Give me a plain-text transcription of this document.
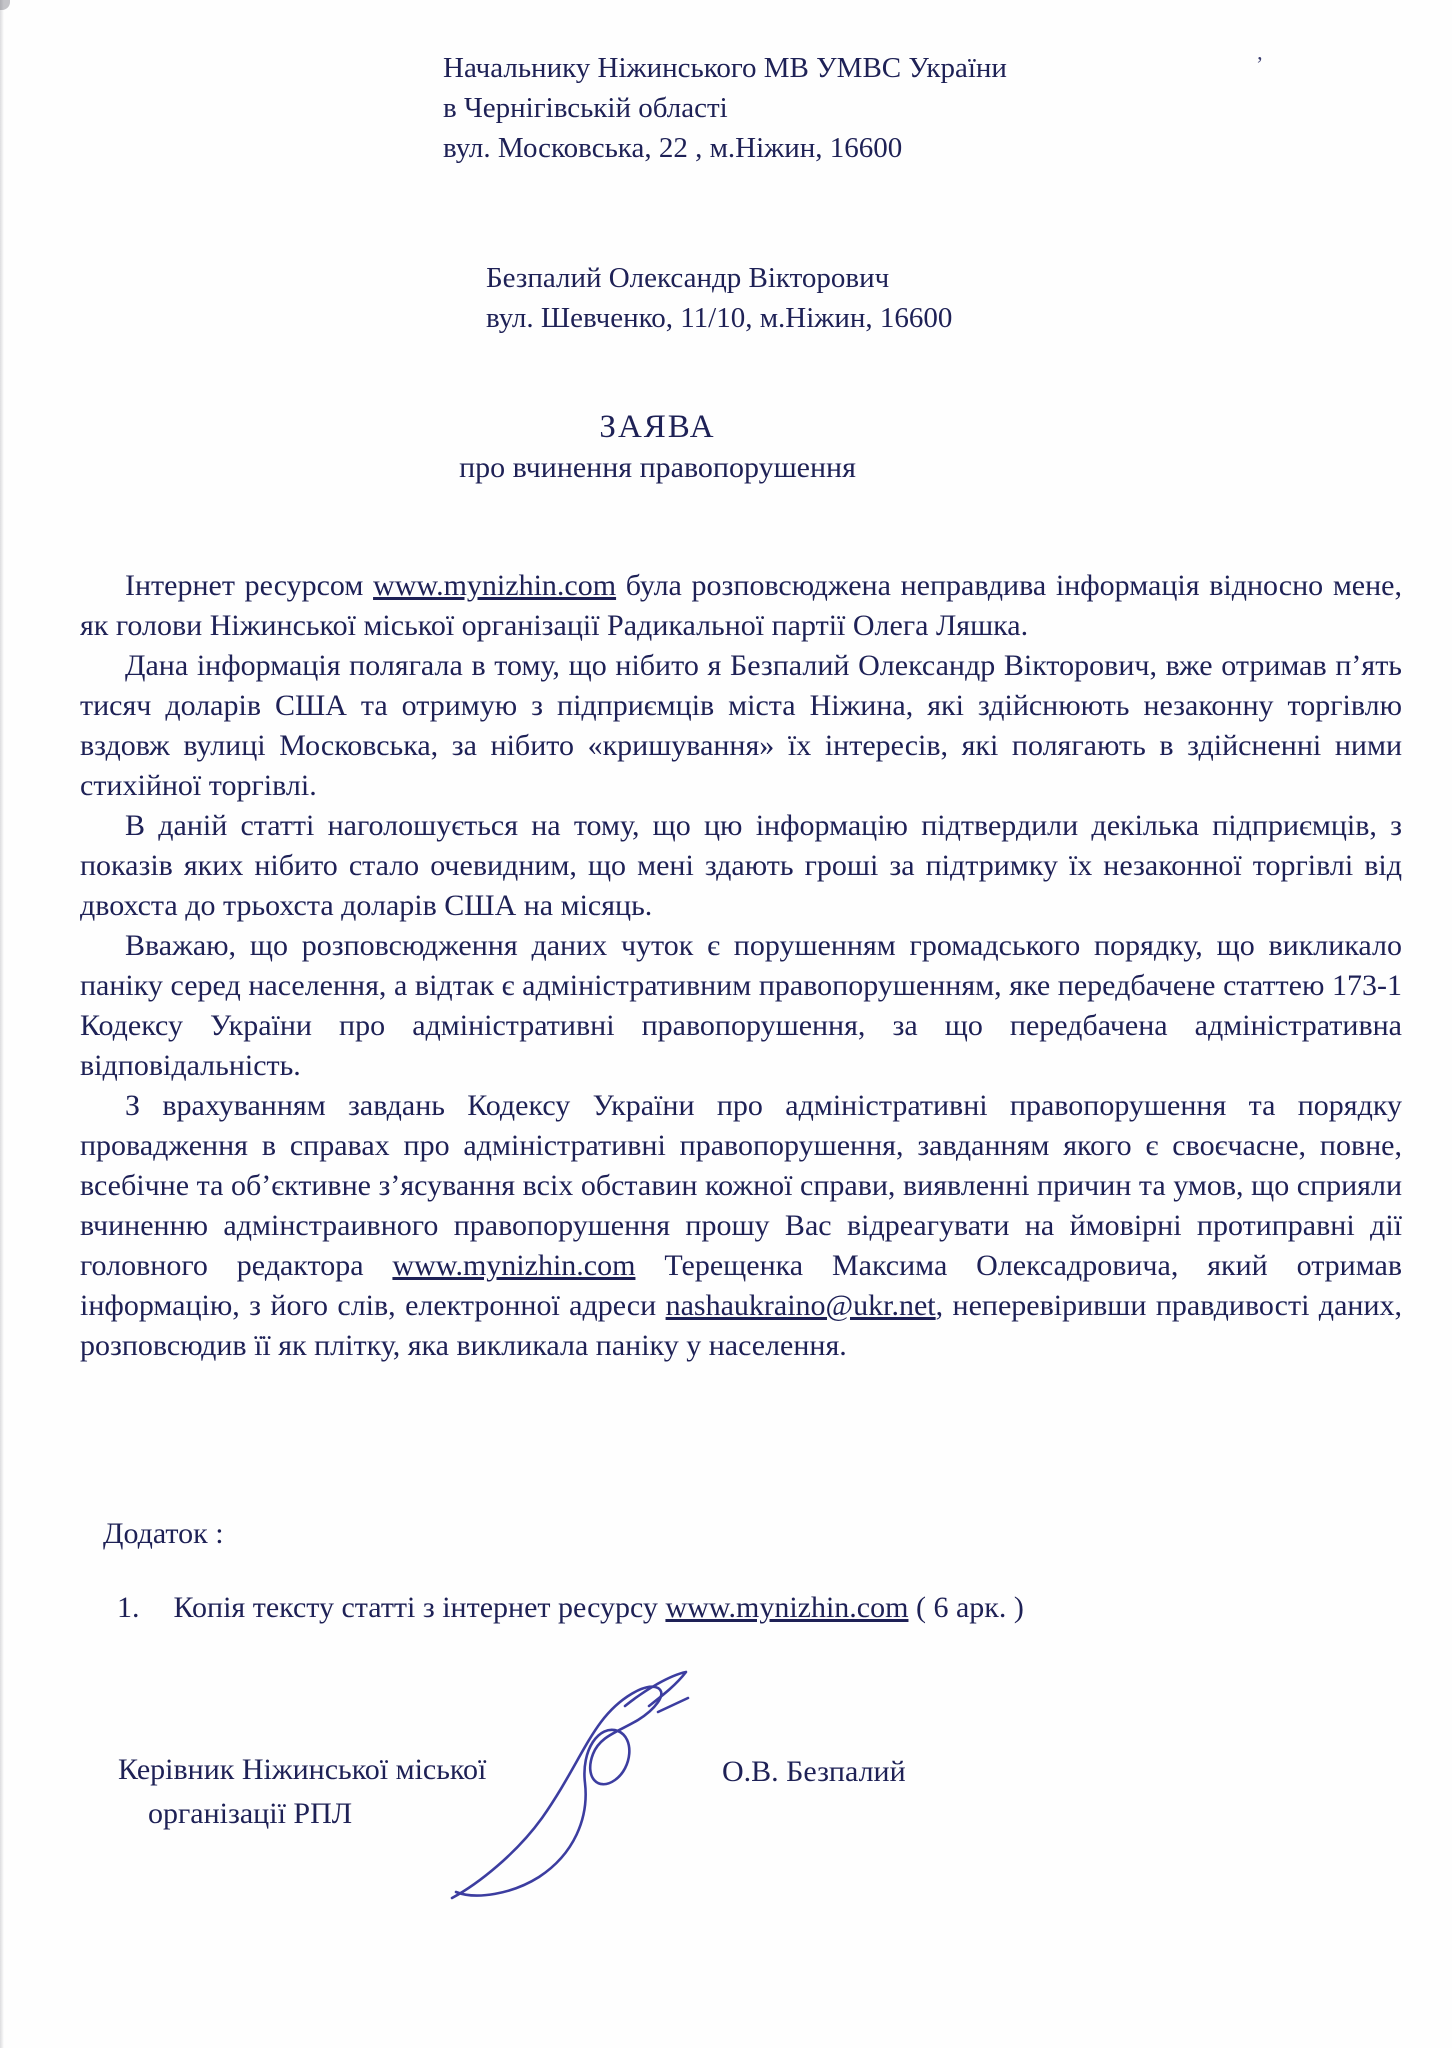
Начальнику Ніжинського МВ УМВС України
в Чернігівській області
вул. Московська, 22 , м.Ніжин, 16600
ʼ
Безпалий Олександр Вікторович
вул. Шевченко, 11/10, м.Ніжин, 16600
ЗАЯВА
про вчинення правопорушення

Інтернет ресурсом www.mynizhin.com була розповсюджена неправдива інформація відносно мене, як голови Ніжинської міської організації Радикальної партії Олега Ляшка.

Дана інформація полягала в тому, що нібито я Безпалий Олександр Вікторович, вже отримав п’ять тисяч доларів США та отримую з підприємців міста Ніжина, які здійснюють незаконну торгівлю вздовж вулиці Московська, за нібито «кришування» їх інтересів, які полягають в здійсненні ними стихійної торгівлі.

В даній статті наголошується на тому, що цю інформацію підтвердили декілька підприємців, з показів яких нібито стало очевидним, що мені здають гроші за підтримку їх незаконної торгівлі від двохста до трьохста доларів США на місяць.

Вважаю, що розповсюдження даних чуток є порушенням громадського порядку, що викликало паніку серед населення, а відтак є адміністративним правопорушенням, яке передбачене статтею 173-1 Кодексу України про адміністративні правопорушення, за що передбачена адміністративна відповідальність.

З врахуванням завдань Кодексу України про адміністративні правопорушення та порядку провадження в справах про адміністративні правопорушення, завданням якого є своєчасне, повне, всебічне та об’єктивне з’ясування всіх обставин кожної справи, виявленні причин та умов, що сприяли вчиненню адмінстраивного правопорушення прошу Вас відреагувати на ймовірні протиправні дії головного редактора www.mynizhin.com Терещенка Максима Олексадровича, який отримав інформацію, з його слів, електронної адреси nashaukraino@ukr.net, неперевіривши правдивості даних, розповсюдив її як плітку, яка викликала паніку у населення.

Додаток :
1. Копія тексту статті з інтернет ресурсу www.mynizhin.com ( 6 арк. )
Керівник Ніжинської міської
організації РПЛ
О.В. Безпалий
